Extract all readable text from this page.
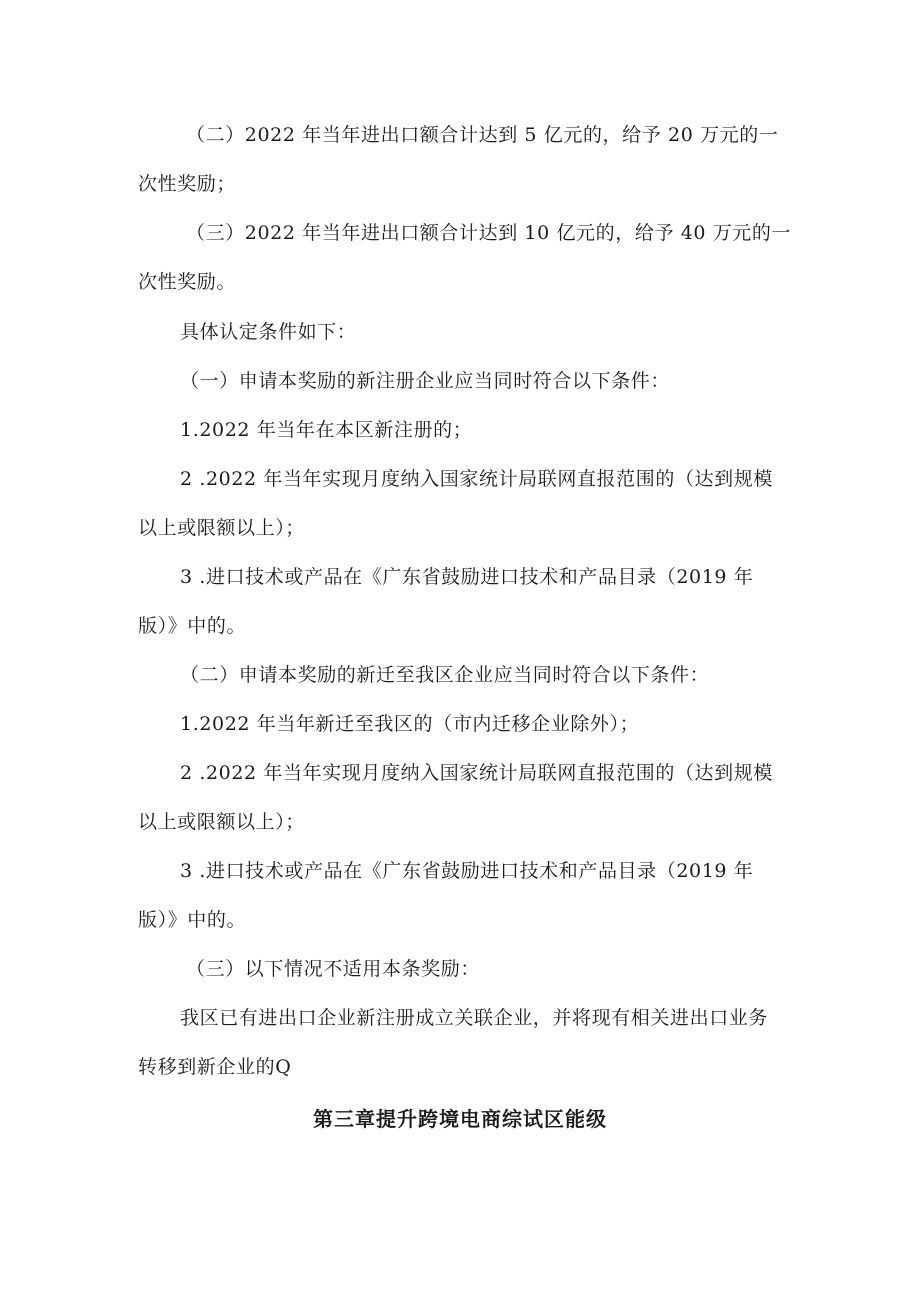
（二）2022 年当年进出口额合计达到 5 亿元的，给予 20 万元的一
次性奖励；
（三）2022 年当年进出口额合计达到 10 亿元的，给予 40 万元的一
次性奖励。
具体认定条件如下：
（一）申请本奖励的新注册企业应当同时符合以下条件：
1.2022 年当年在本区新注册的；
2 .2022 年当年实现月度纳入国家统计局联网直报范围的（达到规模
以上或限额以上）；
3 .进口技术或产品在《广东省鼓励进口技术和产品目录（2019 年
版）》中的。
（二）申请本奖励的新迁至我区企业应当同时符合以下条件：
1.2022 年当年新迁至我区的（市内迁移企业除外）；
2 .2022 年当年实现月度纳入国家统计局联网直报范围的（达到规模
以上或限额以上）；
3 .进口技术或产品在《广东省鼓励进口技术和产品目录（2019 年
版）》中的。
（三）以下情况不适用本条奖励：
我区已有进出口企业新注册成立关联企业，并将现有相关进出口业务
转移到新企业的Q
第三章提升跨境电商综试区能级
